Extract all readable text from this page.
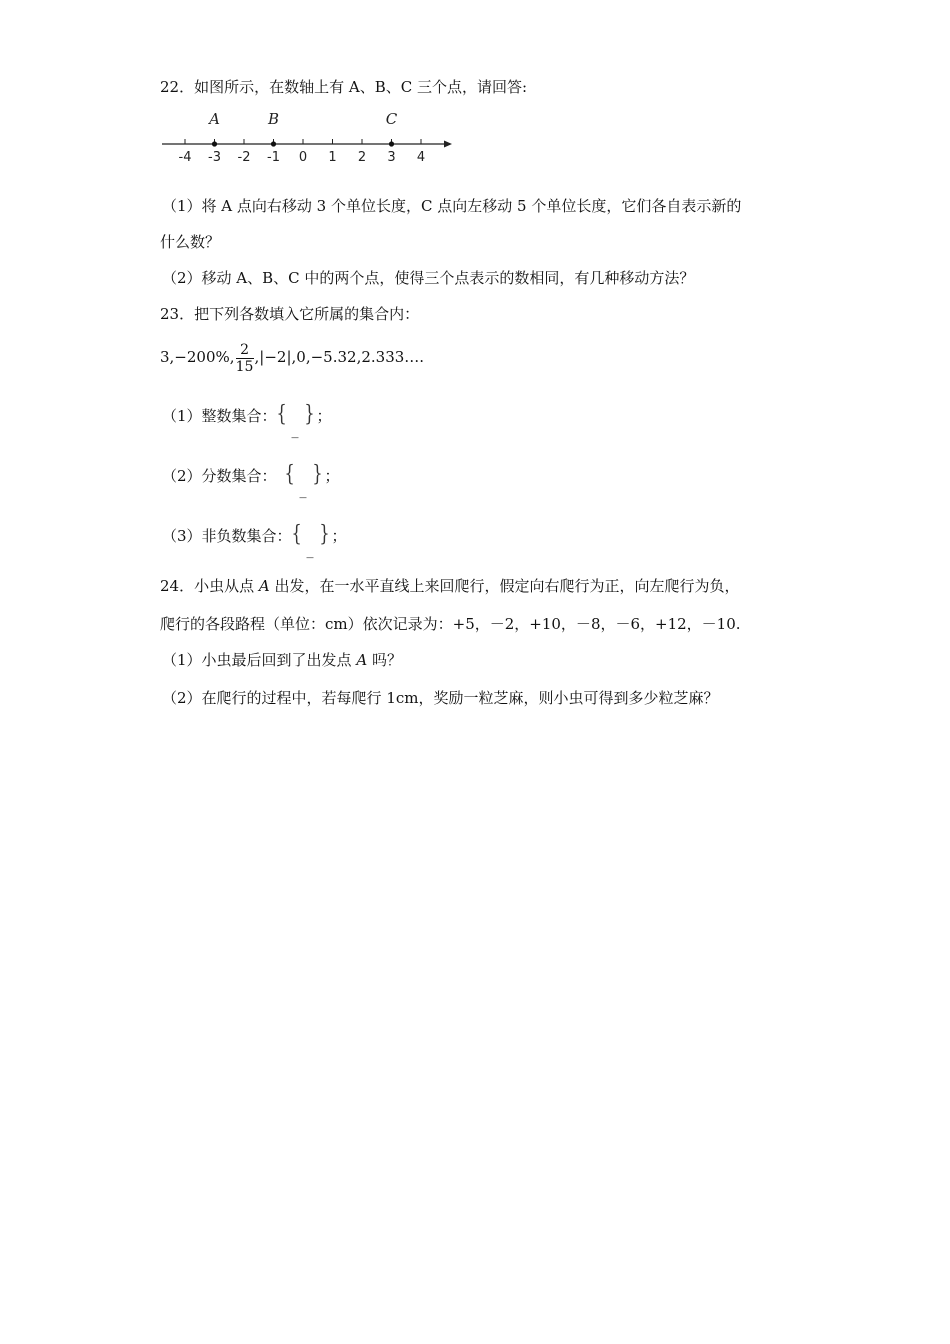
22．如图所示，在数轴上有 A、B、C 三个点，请回答:
-4 -3 -2 -1 0 1 2 3 4
A	B	C
（1）将 A 点向右移动 3 个单位长度，C 点向左移动 5 个单位长度，它们各自表示新的
什么数？
（2）移动 A、B、C 中的两个点，使得三个点表示的数相同，有几种移动方法？
23．把下列各数填入它所属的集合内：
3,−200%, $\frac{2}{15}$ ,|−2|,0,−5.32,2.333….
（1）整数集合： {
_
} ；
（2）分数集合： {
_
} ；
（3）非负数集合： {
_
} ；
24．小虫从点 A 出发，在一水平直线上来回爬行，假定向右爬行为正，向左爬行为负，
爬行的各段路程（单位：cm）依次记录为：+5，－2，+10，－8，－6，+12，－10.
（1）小虫最后回到了出发点 A 吗？
（2）在爬行的过程中，若每爬行 1cm，奖励一粒芝麻，则小虫可得到多少粒芝麻？
